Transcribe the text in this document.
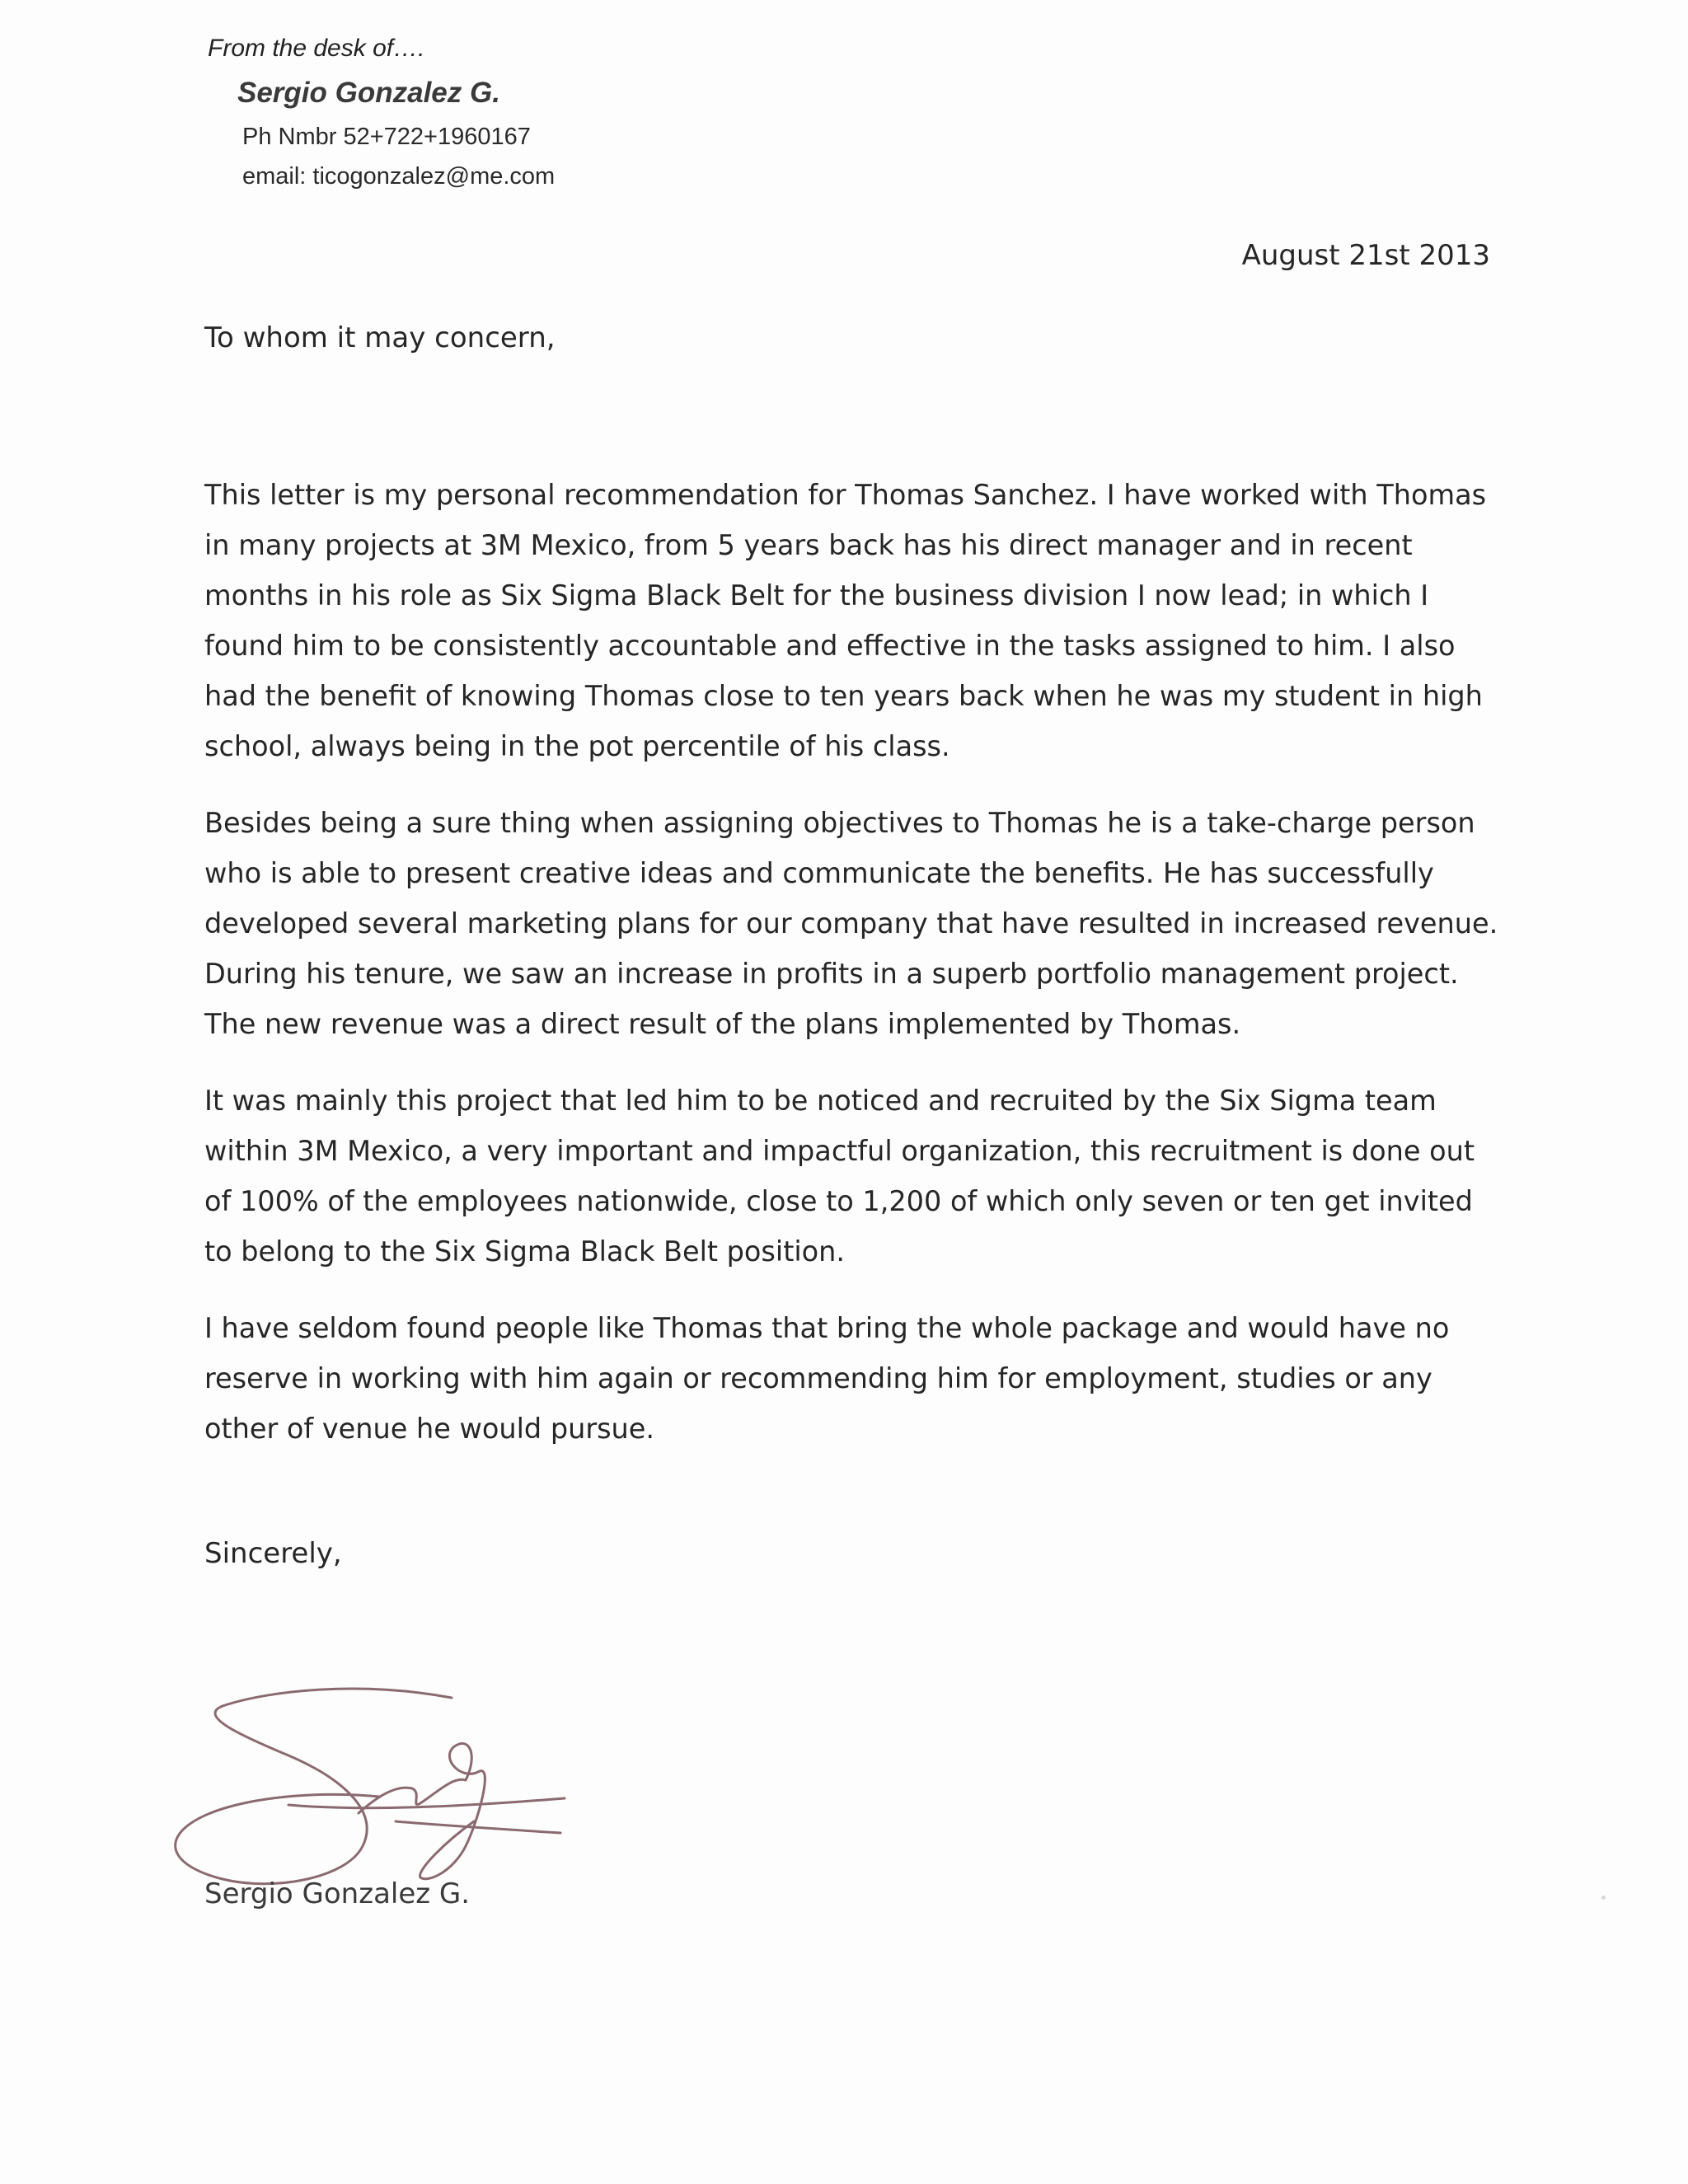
From the desk of….
Sergio Gonzalez G.
Ph Nmbr 52+722+1960167
email: ticogonzalez@me.com
August 21st 2013
To whom it may concern,

This letter is my personal recommendation for Thomas Sanchez. I have worked with Thomas in many projects at 3M Mexico, from 5 years back has his direct manager and in recent months in his role as Six Sigma Black Belt for the business division I now lead; in which I found him to be consistently accountable and effective in the tasks assigned to him. I also had the benefit of knowing Thomas close to ten years back when he was my student in high school, always being in the pot percentile of his class.

Besides being a sure thing when assigning objectives to Thomas he is a take-charge person who is able to present creative ideas and communicate the benefits. He has successfully developed several marketing plans for our company that have resulted in increased revenue. During his tenure, we saw an increase in profits in a superb portfolio management project. The new revenue was a direct result of the plans implemented by Thomas.

It was mainly this project that led him to be noticed and recruited by the Six Sigma team within 3M Mexico, a very important and impactful organization, this recruitment is done out of 100% of the employees nationwide, close to 1,200 of which only seven or ten get invited to belong to the Six Sigma Black Belt position.

I have seldom found people like Thomas that bring the whole package and would have no reserve in working with him again or recommending him for employment, studies or any other of venue he would pursue.

Sincerely,
Sergio Gonzalez G.
